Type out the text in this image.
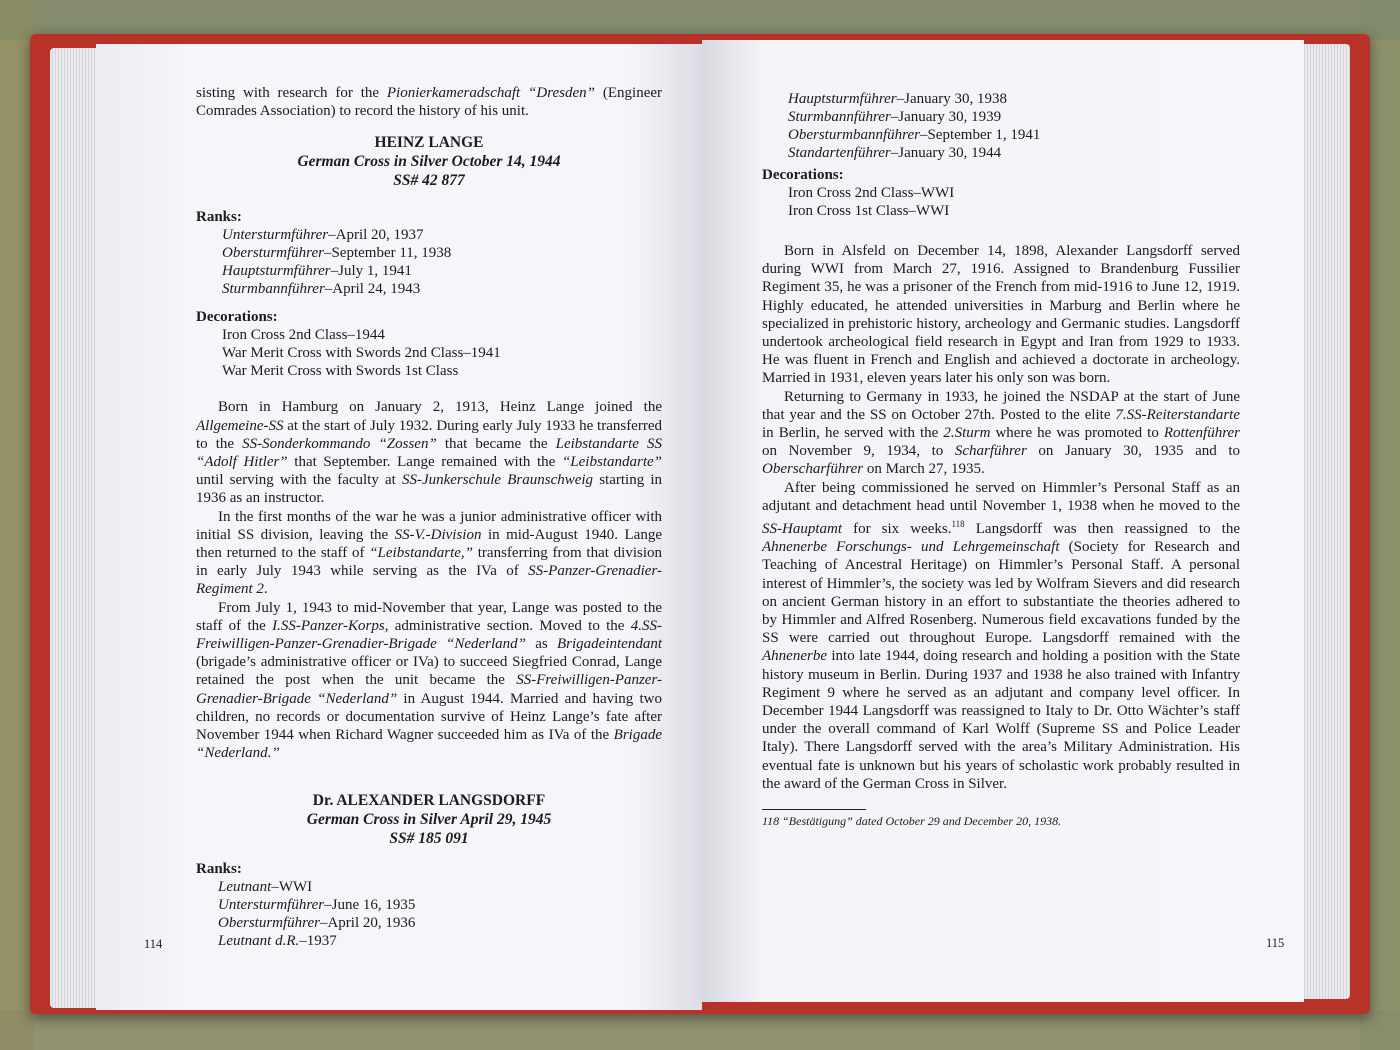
sisting with research for the Pionierkameradschaft “Dresden” (Engineer Comrades Association) to record the history of his unit.

HEINZ LANGE
German Cross in Silver October 14, 1944
SS# 42 877
Ranks:
Untersturmführer–April 20, 1937
Obersturmführer–September 11, 1938
Hauptsturmführer–July 1, 1941
Sturmbannführer–April 24, 1943
Decorations:
Iron Cross 2nd Class–1944
War Merit Cross with Swords 2nd Class–1941
War Merit Cross with Swords 1st Class

Born in Hamburg on January 2, 1913, Heinz Lange joined the Allgemeine-SS at the start of July 1932. During early July 1933 he transferred to the SS-Sonderkommando “Zossen” that became the Leibstandarte SS “Adolf Hitler” that September. Lange remained with the “Leibstandarte” until serving with the faculty at SS-Junkerschule Braunschweig starting in 1936 as an instructor.

In the first months of the war he was a junior administrative officer with initial SS division, leaving the SS-V.-Division in mid-August 1940. Lange then returned to the staff of “Leibstandarte,” transferring from that division in early July 1943 while serving as the IVa of SS-Panzer-Grenadier-Regiment 2.

From July 1, 1943 to mid-November that year, Lange was posted to the staff of the I.SS-Panzer-Korps, administrative section. Moved to the 4.SS-Freiwilligen-Panzer-Grenadier-Brigade “Nederland” as Brigadeintendant (brigade’s administrative officer or IVa) to succeed Siegfried Conrad, Lange retained the post when the unit became the SS-Freiwilligen-Panzer-Grenadier-Brigade “Nederland” in August 1944. Married and having two children, no records or documentation survive of Heinz Lange’s fate after November 1944 when Richard Wagner succeeded him as IVa of the Brigade “Nederland.”

Dr. ALEXANDER LANGSDORFF
German Cross in Silver April 29, 1945
SS# 185 091
Ranks:
Leutnant–WWI
Untersturmführer–June 16, 1935
Obersturmführer–April 20, 1936
Leutnant d.R.–1937
114
Hauptsturmführer–January 30, 1938
Sturmbannführer–January 30, 1939
Obersturmbannführer–September 1, 1941
Standartenführer–January 30, 1944
Decorations:
Iron Cross 2nd Class–WWI
Iron Cross 1st Class–WWI

Born in Alsfeld on December 14, 1898, Alexander Langsdorff served during WWI from March 27, 1916. Assigned to Brandenburg Fussilier Regiment 35, he was a prisoner of the French from mid-1916 to June 12, 1919. Highly educated, he attended universities in Marburg and Berlin where he specialized in prehistoric history, archeology and Germanic studies. Langsdorff undertook archeological field research in Egypt and Iran from 1929 to 1933. He was fluent in French and English and achieved a doctorate in archeology. Married in 1931, eleven years later his only son was born.

Returning to Germany in 1933, he joined the NSDAP at the start of June that year and the SS on October 27th. Posted to the elite 7.SS-Reiterstandarte in Berlin, he served with the 2.Sturm where he was promoted to Rottenführer on November 9, 1934, to Scharführer on January 30, 1935 and to Oberscharführer on March 27, 1935.

After being commissioned he served on Himmler’s Personal Staff as an adjutant and detachment head until November 1, 1938 when he moved to the SS-Hauptamt for six weeks.$^{118}$ Langsdorff was then reassigned to the Ahnenerbe Forschungs- und Lehrgemeinschaft (Society for Research and Teaching of Ancestral Heritage) on Himmler’s Personal Staff. A personal interest of Himmler’s, the society was led by Wolfram Sievers and did research on ancient German history in an effort to substantiate the theories adhered to by Himmler and Alfred Rosenberg. Numerous field excavations funded by the SS were carried out throughout Europe. Langsdorff remained with the Ahnenerbe into late 1944, doing research and holding a position with the State history museum in Berlin. During 1937 and 1938 he also trained with Infantry Regiment 9 where he served as an adjutant and company level officer. In December 1944 Langsdorff was reassigned to Italy to Dr. Otto Wächter’s staff under the overall command of Karl Wolff (Supreme SS and Police Leader Italy). There Langsdorff served with the area’s Military Administration. His eventual fate is unknown but his years of scholastic work probably resulted in the award of the German Cross in Silver.

118 “Bestätigung” dated October 29 and December 20, 1938.
115
